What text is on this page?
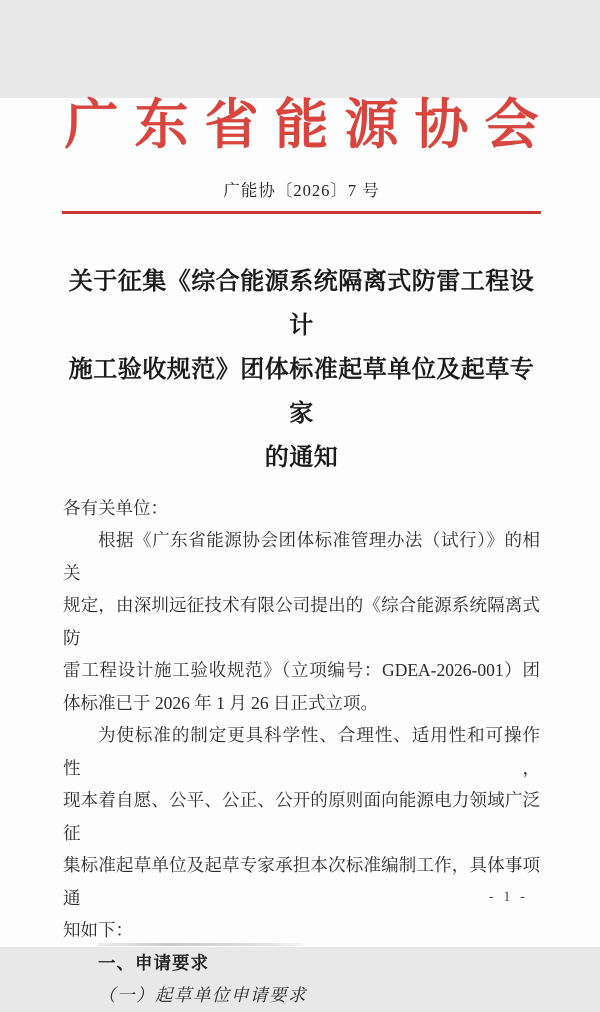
广东省能源协会
广能协〔2026〕7 号
关于征集《综合能源系统隔离式防雷工程设计
施工验收规范》团体标准起草单位及起草专家
的通知
各有关单位：
根据《广东省能源协会团体标准管理办法（试行）》的相关
规定，由深圳远征技术有限公司提出的《综合能源系统隔离式防
雷工程设计施工验收规范》（立项编号：GDEA-2026-001）团
体标准已于 2026 年 1 月 26 日正式立项。
为使标准的制定更具科学性、合理性、适用性和可操作性，
现本着自愿、公平、公正、公开的原则面向能源电力领域广泛征
集标准起草单位及起草专家承担本次标准编制工作，具体事项通
知如下：
一、申请要求
（一）起草单位申请要求
- 1 -
